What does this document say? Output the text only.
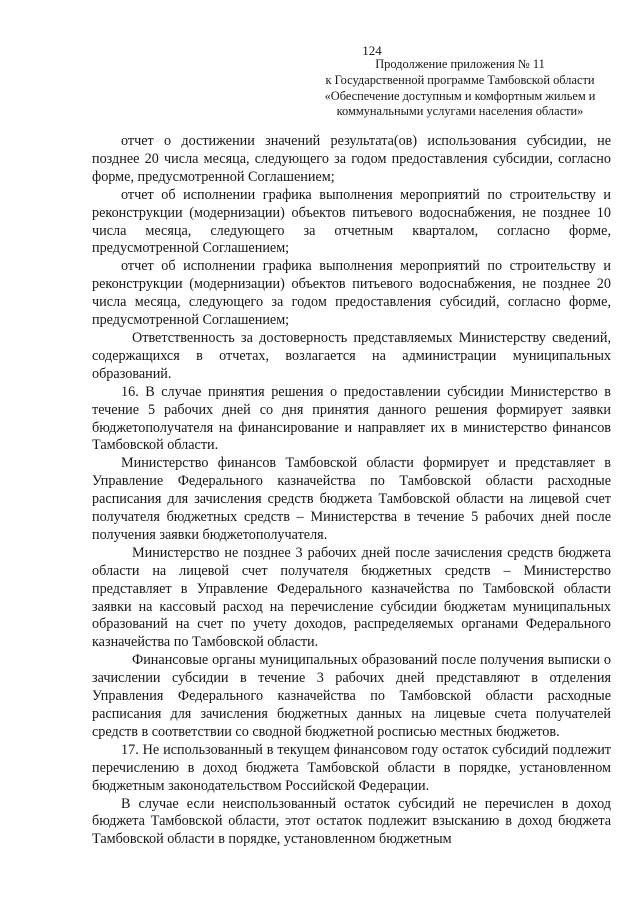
124
Продолжение приложения № 11
к Государственной программе Тамбовской области
«Обеспечение доступным и комфортным жильем и
коммунальными услугами населения области»

отчет о достижении значений результата(ов) использования субсидии, не позднее 20 числа месяца, следующего за годом предоставления субсидии, согласно форме, предусмотренной Соглашением;

отчет об исполнении графика выполнения мероприятий по строительству и реконструкции (модернизации) объектов питьевого водоснабжения, не позднее 10 числа месяца, следующего за отчетным кварталом, согласно форме, предусмотренной Соглашением;

отчет об исполнении графика выполнения мероприятий по строительству и реконструкции (модернизации) объектов питьевого водоснабжения, не позднее 20 числа месяца, следующего за годом предоставления субсидий, согласно форме, предусмотренной Соглашением;

Ответственность за достоверность представляемых Министерству сведений, содержащихся в отчетах, возлагается на администрации муниципальных образований.

16. В случае принятия решения о предоставлении субсидии Министерство в течение 5 рабочих дней со дня принятия данного решения формирует заявки бюджетополучателя на финансирование и направляет их в министерство финансов Тамбовской области.

Министерство финансов Тамбовской области формирует и представляет в Управление Федерального казначейства по Тамбовской области расходные расписания для зачисления средств бюджета Тамбовской области на лицевой счет получателя бюджетных средств – Министерства в течение 5 рабочих дней после получения заявки бюджетополучателя.

Министерство не позднее 3 рабочих дней после зачисления средств бюджета области на лицевой счет получателя бюджетных средств – Министерство представляет в Управление Федерального казначейства по Тамбовской области заявки на кассовый расход на перечисление субсидии бюджетам муниципальных образований на счет по учету доходов, распределяемых органами Федерального казначейства по Тамбовской области.

Финансовые органы муниципальных образований после получения выписки о зачислении субсидии в течение 3 рабочих дней представляют в отделения Управления Федерального казначейства по Тамбовской области расходные расписания для зачисления бюджетных данных на лицевые счета получателей средств в соответствии со сводной бюджетной росписью местных бюджетов.

17. Не использованный в текущем финансовом году остаток субсидий подлежит перечислению в доход бюджета Тамбовской области в порядке, установленном бюджетным законодательством Российской Федерации.

В случае если неиспользованный остаток субсидий не перечислен в доход бюджета Тамбовской области, этот остаток подлежит взысканию в доход бюджета Тамбовской области в порядке, установленном бюджетным
